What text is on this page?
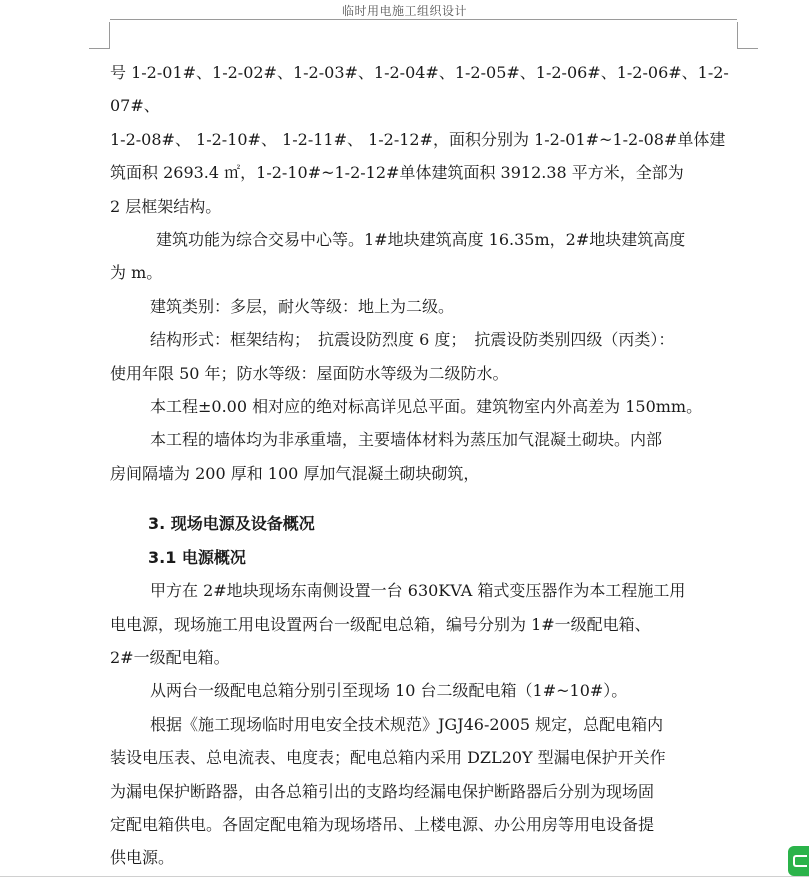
临时用电施工组织设计

号 1-2-01#、1-2-02#、1-2-03#、1-2-04#、1-2-05#、1-2-06#、1-2-06#、1-2-07#、
1-2-08#、 1-2-10#、 1-2-11#、 1-2-12#，面积分别为 1-2-01#~1-2-08#单体建
筑面积 2693.4 ㎡，1-2-10#~1-2-12#单体建筑面积 3912.38 平方米，全部为
2 层框架结构。

建筑功能为综合交易中心等。1#地块建筑高度 16.35m，2#地块建筑高度
为 m。

建筑类别：多层，耐火等级：地上为二级。

结构形式：框架结构；　抗震设防烈度 6 度；　抗震设防类别四级（丙类）：
使用年限 50 年；防水等级：屋面防水等级为二级防水。

本工程±0.00 相对应的绝对标高详见总平面。建筑物室内外高差为 150mm。

本工程的墙体均为非承重墙，主要墙体材料为蒸压加气混凝土砌块。内部
房间隔墙为 200 厚和 100 厚加气混凝土砌块砌筑，

3. 现场电源及设备概况

3.1 电源概况

甲方在 2#地块现场东南侧设置一台 630KVA 箱式变压器作为本工程施工用
电电源，现场施工用电设置两台一级配电总箱，编号分别为 1#一级配电箱、
2#一级配电箱。

从两台一级配电总箱分别引至现场 10 台二级配电箱（1#~10#）。

根据《施工现场临时用电安全技术规范》JGJ46-2005 规定，总配电箱内
装设电压表、总电流表、电度表；配电总箱内采用 DZL20Y 型漏电保护开关作
为漏电保护断路器，由各总箱引出的支路均经漏电保护断路器后分别为现场固
定配电箱供电。各固定配电箱为现场塔吊、上楼电源、办公用房等用电设备提
供电源。
